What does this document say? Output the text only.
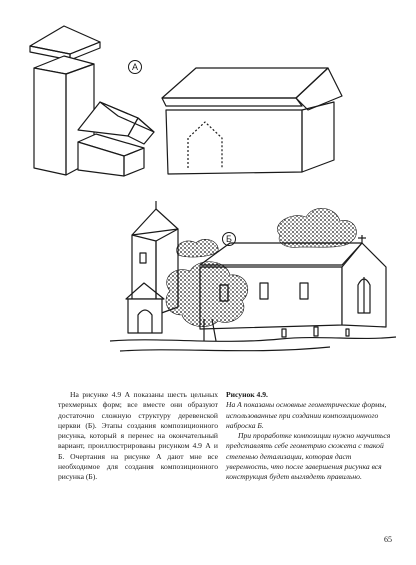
А
Б

На рисунке 4.9 А показаны шесть цельных трехмерных форм; все вместе они образуют достаточно сложную структуру деревенской церкви (Б). Этапы создания композиционного рисунка, который я перенес на окончательный вариант, проиллюстрированы рисунком 4.9 А и Б. Очертания на рисунке А дают мне все необходимое для создания композиционного рисунка (Б).

Рисунок 4.9.

На А показаны основные геометрические формы, использованные при создании композиционного наброска Б.

При проработке композиции нужно научиться представлять себе геометрию сюжета с такой степенью детализации, которая даст уверенность, что после завершения рисунка вся конструкция будет выглядеть правильно.

65
